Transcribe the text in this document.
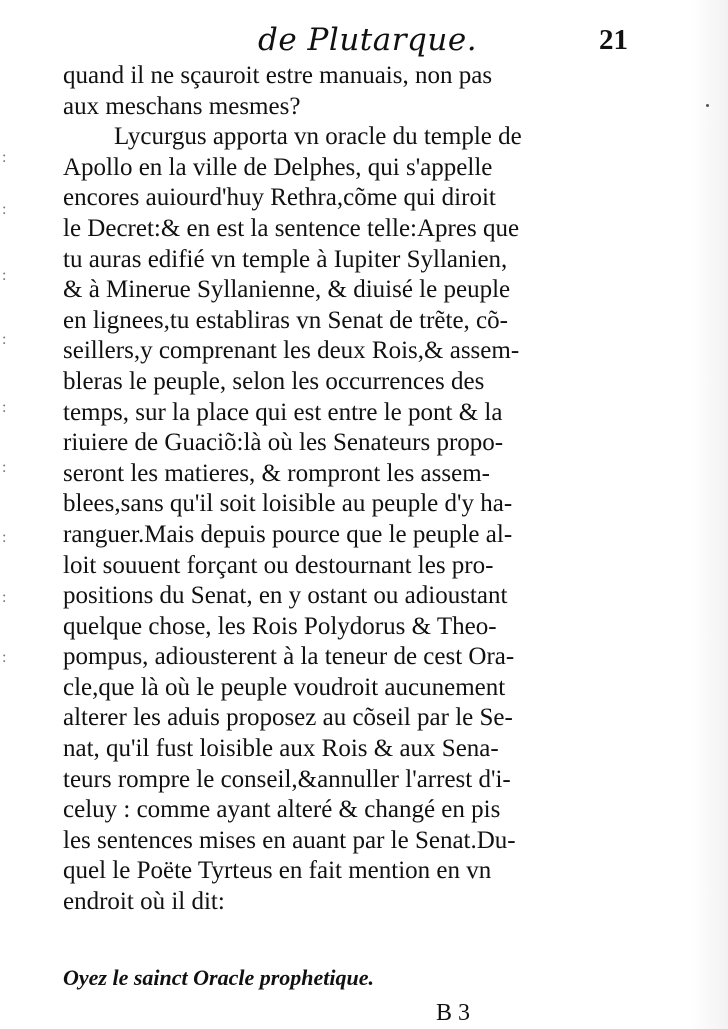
de Plutarque.	21
quand il ne sçauroit estre manuais, non pas
aux meschans mesmes?
Lycurgus apporta vn oracle du temple de
Apollo en la ville de Delphes, qui s'appelle
encores auiourd'huy Rethra,cõme qui diroit
le Decret:& en est la sentence telle:Apres que
tu auras edifié vn temple à Iupiter Syllanien,
& à Minerue Syllanienne, & diuisé le peuple
en lignees,tu establiras vn Senat de trẽte, cõ-
seillers,y comprenant les deux Rois,& assem-
bleras le peuple, selon les occurrences des
temps, sur la place qui est entre le pont & la
riuiere de Guaciõ:là où les Senateurs propo-
seront les matieres, & rompront les assem-
blees,sans qu'il soit loisible au peuple d'y ha-
ranguer.Mais depuis pource que le peuple al-
loit souuent forçant ou destournant les pro-
positions du Senat, en y ostant ou adioustant
quelque chose, les Rois Polydorus & Theo-
pompus, adiousterent à la teneur de cest Ora-
cle,que là où le peuple voudroit aucunement
alterer les aduis proposez au cõseil par le Se-
nat, qu'il fust loisible aux Rois & aux Sena-
teurs rompre le conseil,&annuller l'arrest d'i-
celuy : comme ayant alteré & changé en pis
les sentences mises en auant par le Senat.Du-
quel le Poëte Tyrteus en fait mention en vn
endroit où il dit:
Oyez le sainct Oracle prophetique.
B 3
:
:
:
:
:
:
:
:
:
